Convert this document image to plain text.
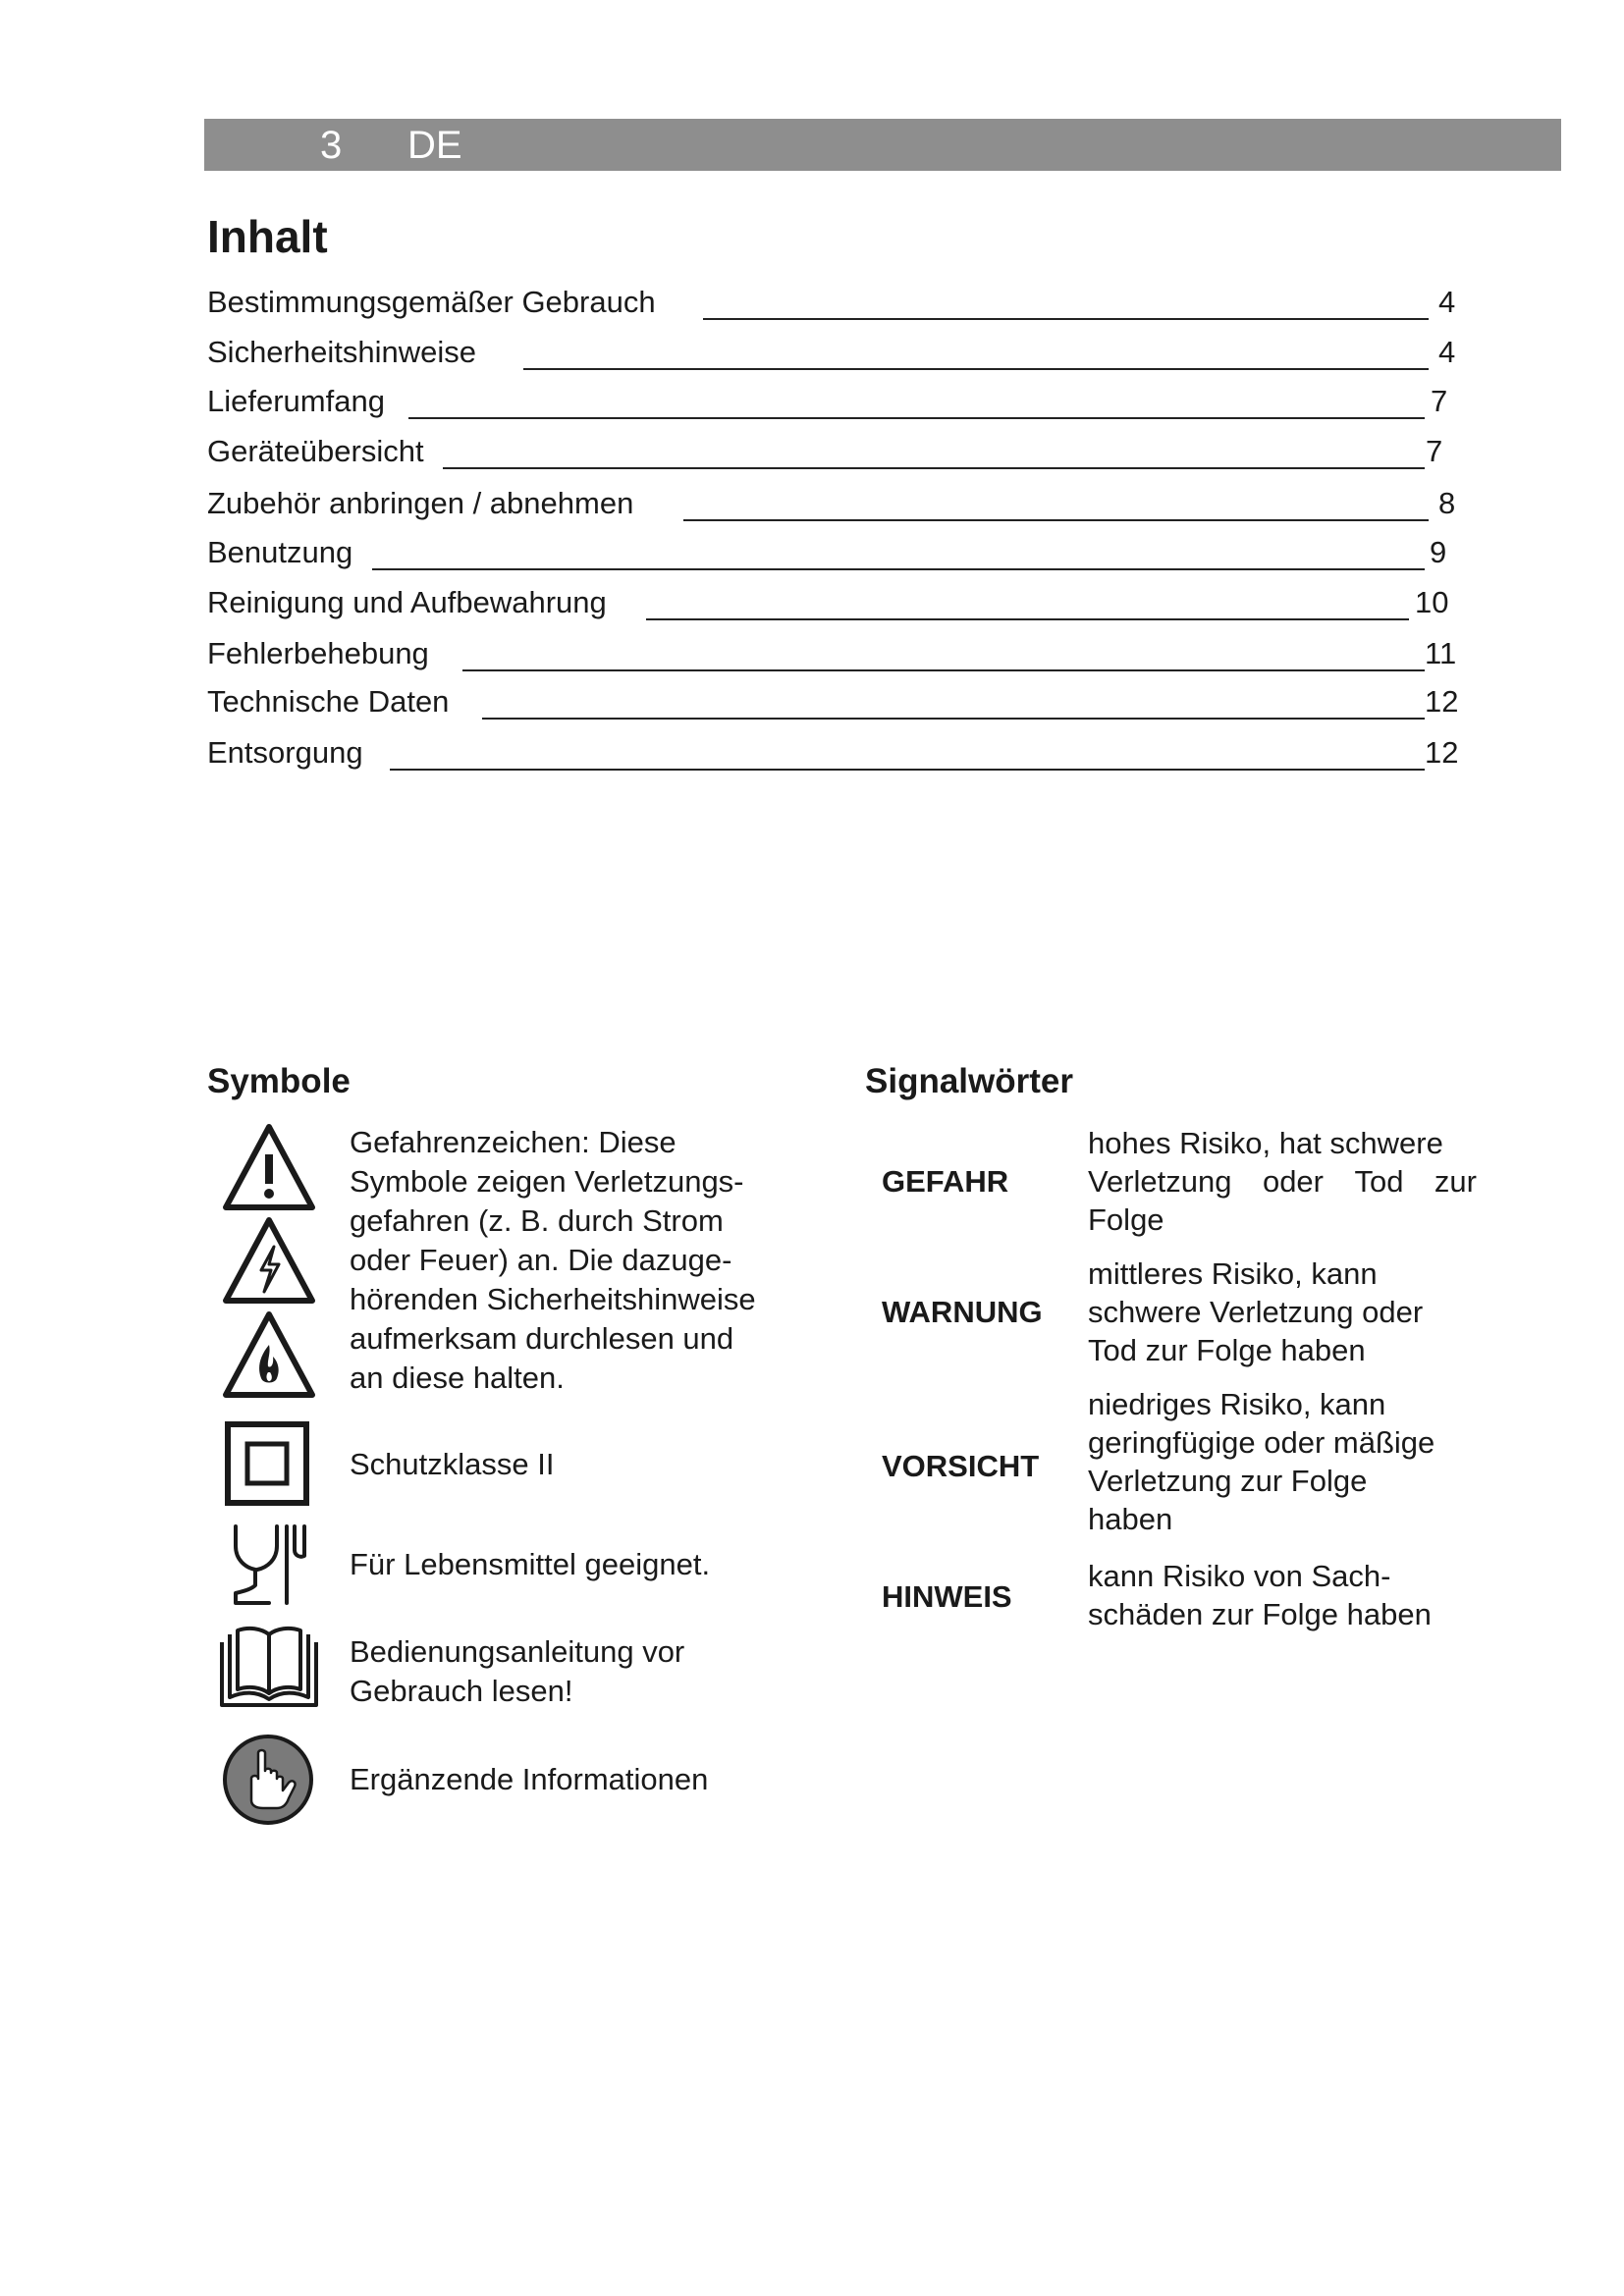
3 DE
Inhalt
Bestimmungsgemäßer Gebrauch	4
Sicherheitshinweise	4
Lieferumfang	7
Geräteübersicht	7
Zubehör anbringen / abnehmen	8
Benutzung	9
Reinigung und Aufbewahrung	10
Fehlerbehebung	11
Technische Daten	12
Entsorgung	12
Symbole
Gefahrenzeichen: Diese
Symbole zeigen Verletzungs-
gefahren (z. B. durch Strom
oder Feuer) an. Die dazuge-
hörenden Sicherheitshinweise
aufmerksam durchlesen und
an diese halten.
Schutzklasse II
Für Lebensmittel geeignet.
Bedienungsanleitung vor
Gebrauch lesen!
Ergänzende Informationen
Signalwörter
GEFAHR
hohes Risiko, hat schwere
Verletzung oder Tod zur
Folge
WARNUNG
mittleres Risiko, kann
schwere Verletzung oder
Tod zur Folge haben
VORSICHT
niedriges Risiko, kann
geringfügige oder mäßige
Verletzung zur Folge
haben
HINWEIS
kann Risiko von Sach-
schäden zur Folge haben
